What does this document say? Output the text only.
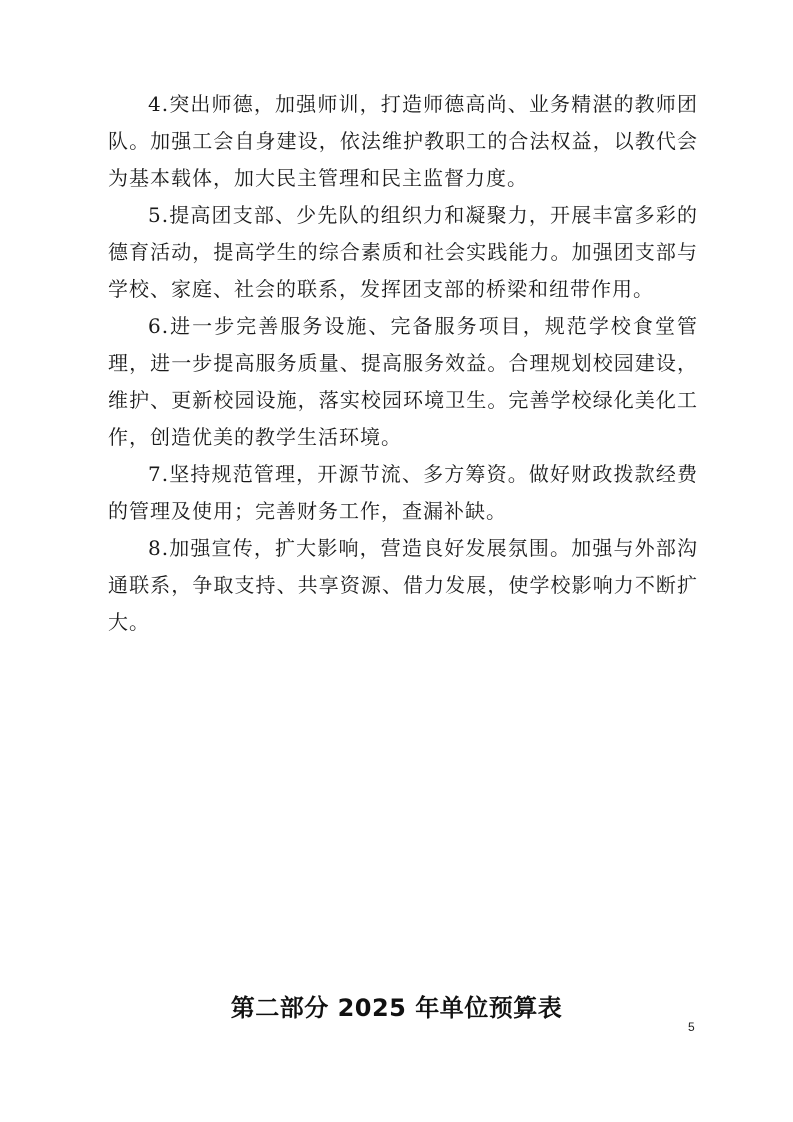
4.突出师德，加强师训，打造师德高尚、业务精湛的教师团队。加强工会自身建设，依法维护教职工的合法权益，以教代会为基本载体，加大民主管理和民主监督力度。

5.提高团支部、少先队的组织力和凝聚力，开展丰富多彩的德育活动，提高学生的综合素质和社会实践能力。加强团支部与学校、家庭、社会的联系，发挥团支部的桥梁和纽带作用。

6.进一步完善服务设施、完备服务项目，规范学校食堂管理，进一步提高服务质量、提高服务效益。合理规划校园建设，维护、更新校园设施，落实校园环境卫生。完善学校绿化美化工作，创造优美的教学生活环境。

7.坚持规范管理，开源节流、多方筹资。做好财政拨款经费的管理及使用；完善财务工作，查漏补缺。

8.加强宣传，扩大影响，营造良好发展氛围。加强与外部沟通联系，争取支持、共享资源、借力发展，使学校影响力不断扩大。

第二部分 2025 年单位预算表
5
